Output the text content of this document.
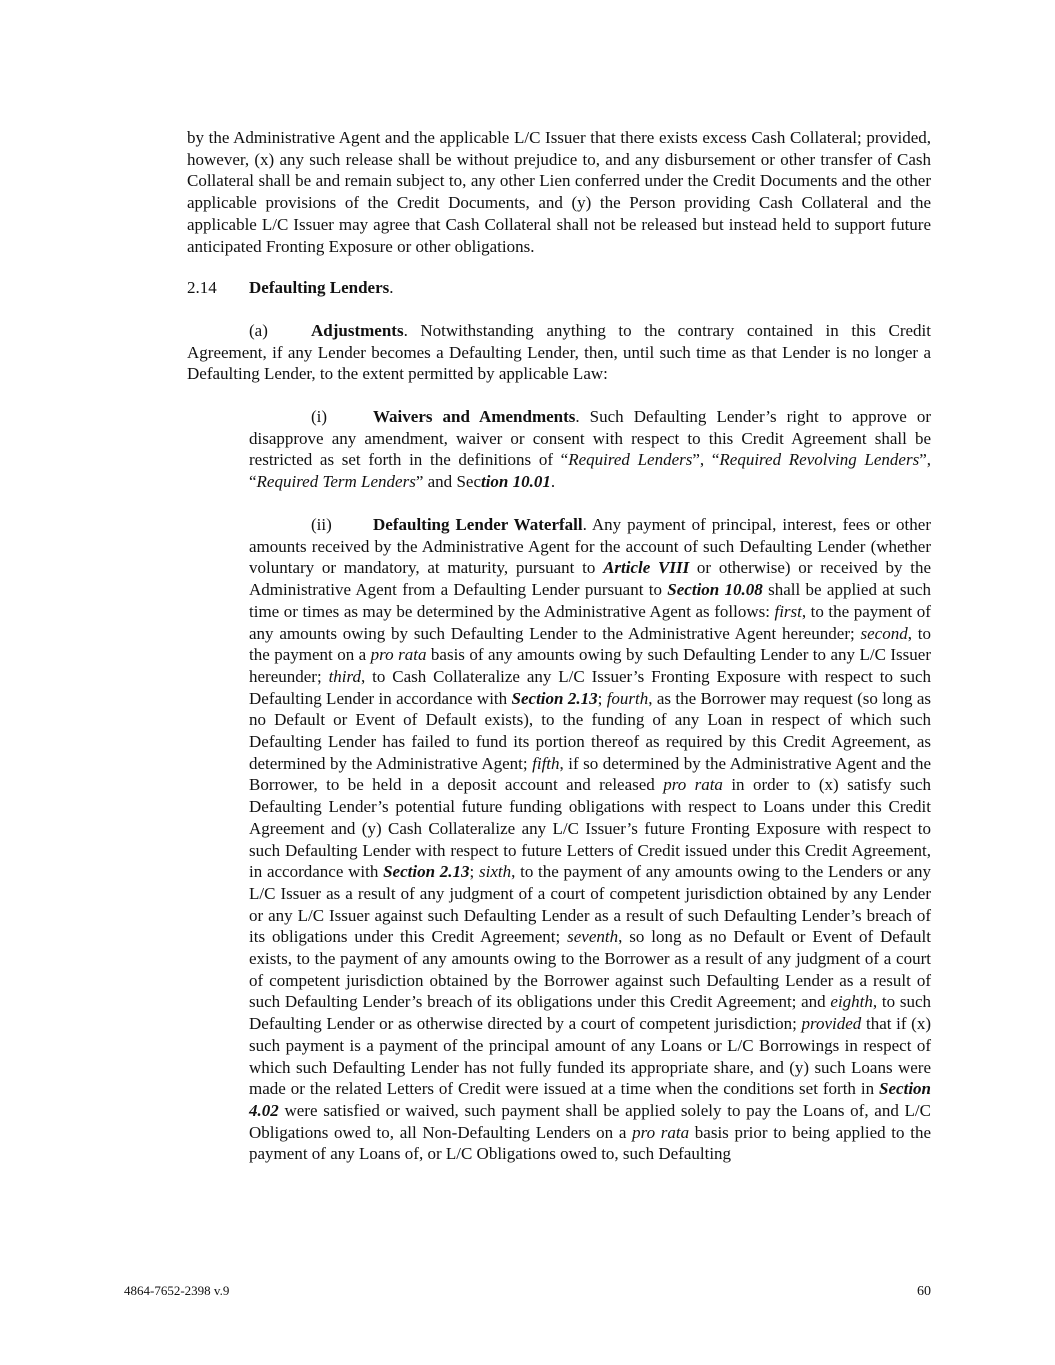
by the Administrative Agent and the applicable L/C Issuer that there exists excess Cash Collateral; provided, however, (x) any such release shall be without prejudice to, and any disbursement or other transfer of Cash Collateral shall be and remain subject to, any other Lien conferred under the Credit Documents and the other applicable provisions of the Credit Documents, and (y) the Person providing Cash Collateral and the applicable L/C Issuer may agree that Cash Collateral shall not be released but instead held to support future anticipated Fronting Exposure or other obligations.
2.14 Defaulting Lenders.
(a)	Adjustments. Notwithstanding anything to the contrary contained in this Credit Agreement, if any Lender becomes a Defaulting Lender, then, until such time as that Lender is no longer a Defaulting Lender, to the extent permitted by applicable Law:
(i)	Waivers and Amendments. Such Defaulting Lender’s right to approve or disapprove any amendment, waiver or consent with respect to this Credit Agreement shall be restricted as set forth in the definitions of “Required Lenders”, “Required Revolving Lenders”, “Required Term Lenders” and Section 10.01.
(ii) Defaulting Lender Waterfall. Any payment of principal, interest, fees or other amounts received by the Administrative Agent for the account of such Defaulting Lender (whether voluntary or mandatory, at maturity, pursuant to Article VIII or otherwise) or received by the Administrative Agent from a Defaulting Lender pursuant to Section 10.08 shall be applied at such time or times as may be determined by the Administrative Agent as follows: first, to the payment of any amounts owing by such Defaulting Lender to the Administrative Agent hereunder; second, to the payment on a pro rata basis of any amounts owing by such Defaulting Lender to any L/C Issuer hereunder; third, to Cash Collateralize any L/C Issuer’s Fronting Exposure with respect to such Defaulting Lender in accordance with Section 2.13; fourth, as the Borrower may request (so long as no Default or Event of Default exists), to the funding of any Loan in respect of which such Defaulting Lender has failed to fund its portion thereof as required by this Credit Agreement, as determined by the Administrative Agent; fifth, if so determined by the Administrative Agent and the Borrower, to be held in a deposit account and released pro rata in order to (x) satisfy such Defaulting Lender’s potential future funding obligations with respect to Loans under this Credit Agreement and (y) Cash Collateralize any L/C Issuer’s future Fronting Exposure with respect to such Defaulting Lender with respect to future Letters of Credit issued under this Credit Agreement, in accordance with Section 2.13; sixth, to the payment of any amounts owing to the Lenders or any L/C Issuer as a result of any judgment of a court of competent jurisdiction obtained by any Lender or any L/C Issuer against such Defaulting Lender as a result of such Defaulting Lender’s breach of its obligations under this Credit Agreement; seventh, so long as no Default or Event of Default exists, to the payment of any amounts owing to the Borrower as a result of any judgment of a court of competent jurisdiction obtained by the Borrower against such Defaulting Lender as a result of such Defaulting Lender’s breach of its obligations under this Credit Agreement; and eighth, to such Defaulting Lender or as otherwise directed by a court of competent jurisdiction; provided that if (x) such payment is a payment of the principal amount of any Loans or L/C Borrowings in respect of which such Defaulting Lender has not fully funded its appropriate share, and (y) such Loans were made or the related Letters of Credit were issued at a time when the conditions set forth in Section 4.02 were satisfied or waived, such payment shall be applied solely to pay the Loans of, and L/C Obligations owed to, all Non-Defaulting Lenders on a pro rata basis prior to being applied to the payment of any Loans of, or L/C Obligations owed to, such Defaulting
4864-7652-2398 v.9	60
